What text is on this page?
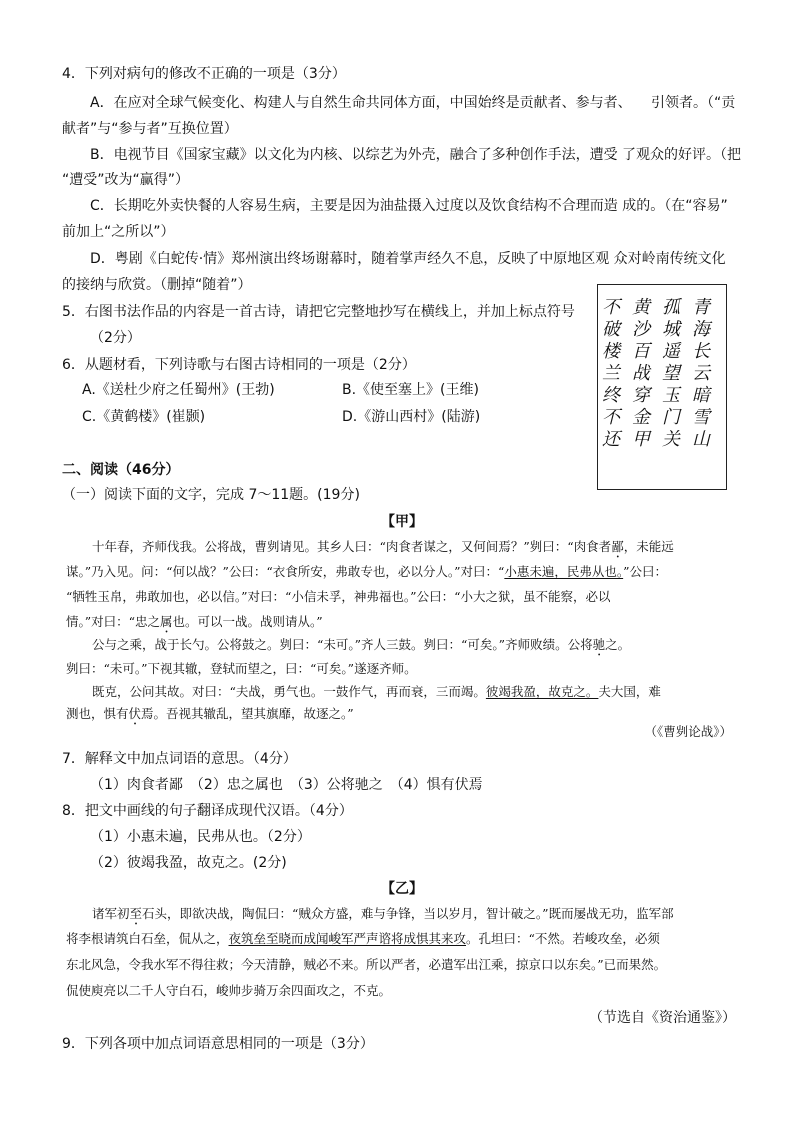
4．下列对病句的修改不正确的一项是（3分）
A．在应对全球气候变化、构建人与自然生命共同体方面，中国始终是贡献者、参与者、 引领者。（“贡
献者”与“参与者”互换位置）
B．电视节目《国家宝藏》以文化为内核、以综艺为外壳，融合了多种创作手法，遭受 了观众的好评。（把
“遭受”改为“赢得”）
C．长期吃外卖快餐的人容易生病，主要是因为油盐摄入过度以及饮食结构不合理而造 成的。（在“容易”
前加上“之所以”）
D．粤剧《白蛇传·情》郑州演出终场谢幕时，随着掌声经久不息，反映了中原地区观 众对岭南传统文化
的接纳与欣赏。（删掉“随着”）
5．右图书法作品的内容是一首古诗，请把它完整地抄写在横线上，并加上标点符号
（2分）
6．从题材看，下列诗歌与右图古诗相同的一项是（2分）
A.《送杜少府之任蜀州》(王勃)	B.《使至塞上》(王维)
C.《黄鹤楼》(崔颢)	D.《游山西村》(陆游)
青
海
长
云
暗
雪
山
孤
城
遥
望
玉
门
关
黄
沙
百
战
穿
金
甲
不
破
楼
兰
终
不
还
二、阅读（46分）
（一）阅读下面的文字，完成 7～11题。(19分)
【甲】
十年春，齐师伐我。公将战，曹刿请见。其乡人曰：“肉食者谋之，又何间焉？”刿曰：“肉食者鄙，未能远
谋。”乃入见。问：“何以战？”公曰：“衣食所安，弗敢专也，必以分人。”对曰：“小惠未遍，民弗从也。”公曰：
“牺牲玉帛，弗敢加也，必以信。”对曰：“小信未孚，神弗福也。”公曰：“小大之狱，虽不能察，必以
情。”对曰：“忠之属也。可以一战。战则请从。”
公与之乘，战于长勺。公将鼓之。刿曰：“未可。”齐人三鼓。刿曰：“可矣。”齐师败绩。公将驰之。
刿曰：“未可。”下视其辙，登轼而望之，曰：“可矣。”遂逐齐师。
既克，公问其故。对曰：“夫战，勇气也。一鼓作气，再而衰，三而竭。彼竭我盈，故克之。夫大国，难
测也，惧有伏焉。吾视其辙乱，望其旗靡，故逐之。”
（《曹刿论战》）
7．解释文中加点词语的意思。（4分）
（1）肉食者鄙　（2）忠之属也　（3）公将驰之　（4）惧有伏焉
8．把文中画线的句子翻译成现代汉语。（4分）
（1）小惠未遍，民弗从也。（2分）
（2）彼竭我盈，故克之。(2分)
【乙】
诸军初至石头，即欲决战，陶侃曰：“贼众方盛，难与争锋，当以岁月，智计破之。”既而屡战无功，监军部
将李根请筑白石垒，侃从之，夜筑垒至晓而成闻峻军严声谘将成惧其来攻。孔坦曰：“不然。若峻攻垒，必须
东北风急，令我水军不得往救；今天清静，贼必不来。所以严者，必遣军出江乘，掠京口以东矣。”已而果然。
侃使庾亮以二千人守白石，峻帅步骑万余四面攻之，不克。
（节选自《资治通鉴》）
9．下列各项中加点词语意思相同的一项是（3分）
